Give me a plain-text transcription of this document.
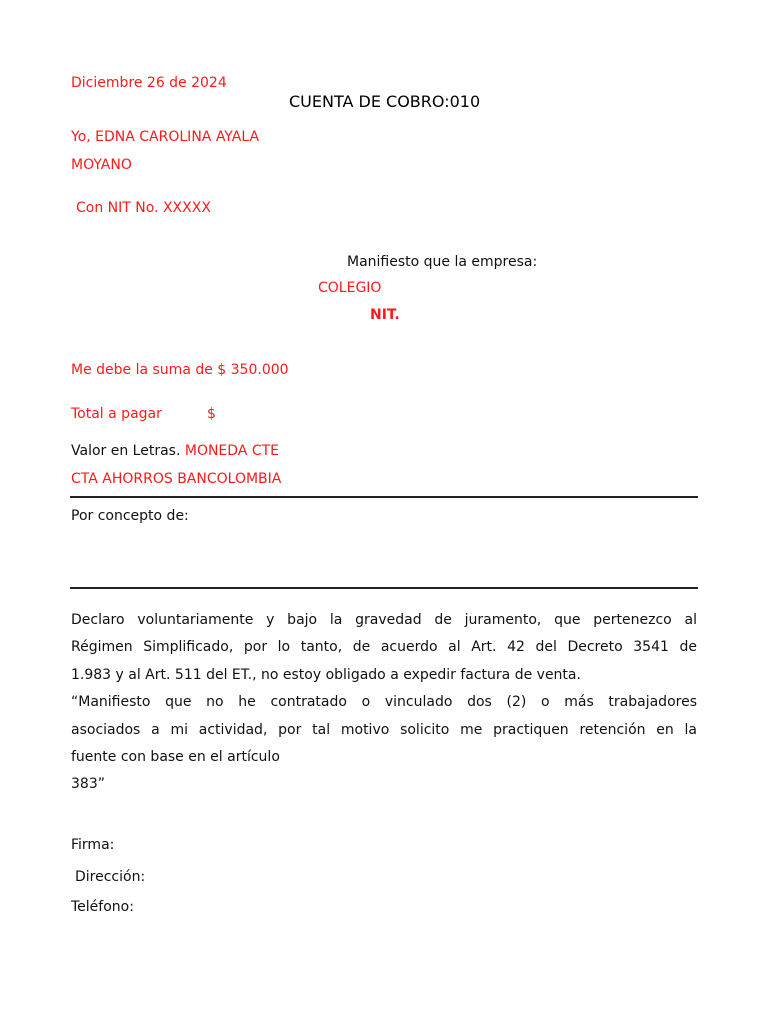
Diciembre 26 de 2024
CUENTA DE COBRO:010
Yo, EDNA CAROLINA AYALA
MOYANO
Con NIT No. XXXXX
Manifiesto que la empresa:
COLEGIO
NIT.
Me debe la suma de $ 350.000
Total a pagar	$
Valor en Letras. MONEDA CTE
CTA AHORROS BANCOLOMBIA
Por concepto de:
Declaro voluntariamente y bajo la gravedad de juramento, que pertenezco al
Régimen Simplificado, por lo tanto, de acuerdo al Art. 42 del Decreto 3541 de
1.983 y al Art. 511 del ET., no estoy obligado a expedir factura de venta.
“Manifiesto que no he contratado o vinculado dos (2) o más trabajadores
asociados a mi actividad, por tal motivo solicito me practiquen retención en la
fuente con base en el artículo
383”
Firma:
Dirección:
Teléfono:
